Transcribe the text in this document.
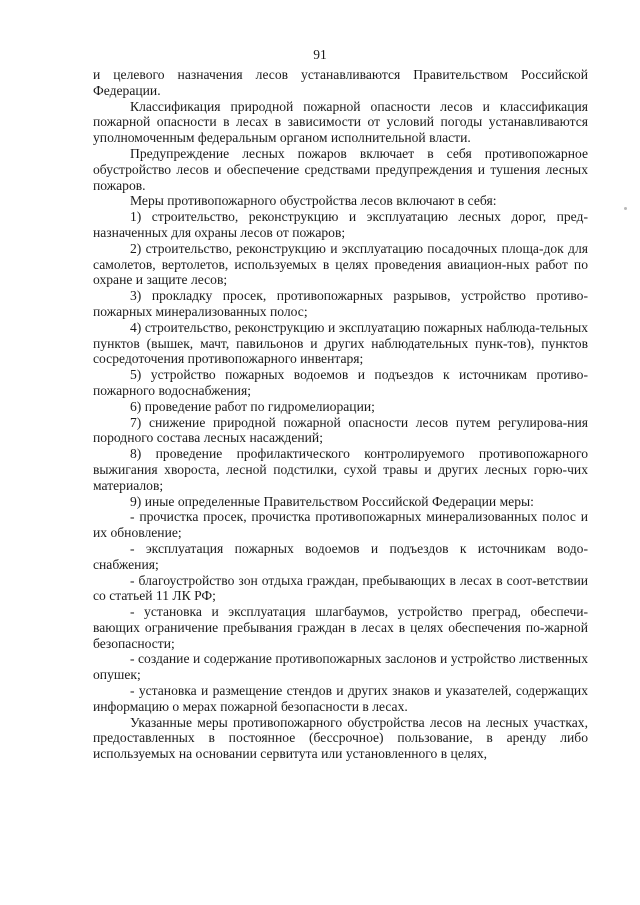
91

и целевого назначения лесов устанавливаются Правительством Российской Федерации.

Классификация природной пожарной опасности лесов и классификация пожарной опасности в лесах в зависимости от условий погоды устанавливаются уполномоченным федеральным органом исполнительной власти.

Предупреждение лесных пожаров включает в себя противопожарное обустройство лесов и обеспечение средствами предупреждения и тушения лесных пожаров.

Меры противопожарного обустройства лесов включают в себя:

1) строительство, реконструкцию и эксплуатацию лесных дорог, пред-назначенных для охраны лесов от пожаров;

2) строительство, реконструкцию и эксплуатацию посадочных площа-док для самолетов, вертолетов, используемых в целях проведения авиацион-ных работ по охране и защите лесов;

3) прокладку просек, противопожарных разрывов, устройство противо-пожарных минерализованных полос;

4) строительство, реконструкцию и эксплуатацию пожарных наблюда-тельных пунктов (вышек, мачт, павильонов и других наблюдательных пунк-тов), пунктов сосредоточения противопожарного инвентаря;

5) устройство пожарных водоемов и подъездов к источникам противо-пожарного водоснабжения;

6) проведение работ по гидромелиорации;

7) снижение природной пожарной опасности лесов путем регулирова-ния породного состава лесных насаждений;

8) проведение профилактического контролируемого противопожарного выжигания хвороста, лесной подстилки, сухой травы и других лесных горю-чих материалов;

9) иные определенные Правительством Российской Федерации меры:

- прочистка просек, прочистка противопожарных минерализованных полос и их обновление;

- эксплуатация пожарных водоемов и подъездов к источникам водо-снабжения;

- благоустройство зон отдыха граждан, пребывающих в лесах в соот-ветствии со статьей 11 ЛК РФ;

- установка и эксплуатация шлагбаумов, устройство преград, обеспечи-вающих ограничение пребывания граждан в лесах в целях обеспечения по-жарной безопасности;

- создание и содержание противопожарных заслонов и устройство лиственных опушек;

- установка и размещение стендов и других знаков и указателей, содержащих информацию о мерах пожарной безопасности в лесах.

Указанные меры противопожарного обустройства лесов на лесных участках, предоставленных в постоянное (бессрочное) пользование, в аренду либо используемых на основании сервитута или установленного в целях,
